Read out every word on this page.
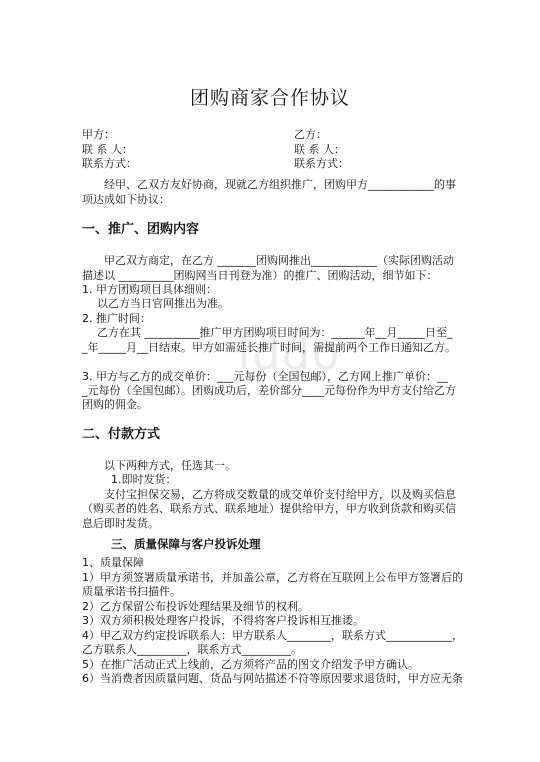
lddo
团购商家合作协议
甲方：
联 系 人：
联系方式：
乙方：
联 系 人：
联系方式：
经甲、乙双方友好协商，现就乙方组织推广，团购甲方____________的事
项达成如下协议：
一、推广、团购内容
甲乙双方商定，在乙方 _______团购网推出____________（实际团购活动
描述以 __________团购网当日刊登为准）的推广、团购活动，细节如下：
1. 甲方团购项目具体细则：
以乙方当日官网推出为准。
2. 推广时间：
乙方在其 __________推广甲方团购项目时间为：______年__月_____日至_
_年_____月__日结束。甲方如需延长推广时间，需提前两个工作日通知乙方。
3. 甲方与乙方的成交单价：___元每份（全国包邮），乙方网上推广单价：__
_元每份（全国包邮）。团购成功后，差价部分____元每份作为甲方支付给乙方
团购的佣金。
二、付款方式
以下两种方式，任选其一。
1.即时发货：
支付宝担保交易，乙方将成交数量的成交单价支付给甲方，以及购买信息
（购买者的姓名、联系方式、联系地址）提供给甲方，甲方收到货款和购买信
息后即时发货。
三、质量保障与客户投诉处理
1、质量保障
1）甲方须签署质量承诺书，并加盖公章，乙方将在互联网上公布甲方签署后的
质量承诺书扫描件。
2）乙方保留公布投诉处理结果及细节的权利。
3）双方须积极处理客户投诉，不得将客户投诉相互推诿。
4）甲乙双方约定投诉联系人：甲方联系人________，联系方式____________，
乙方联系人_________，联系方式_________。
5）在推广活动正式上线前，乙方须将产品的图文介绍发予甲方确认。
6）当消费者因质量问题、货品与网站描述不符等原因要求退货时，甲方应无条
